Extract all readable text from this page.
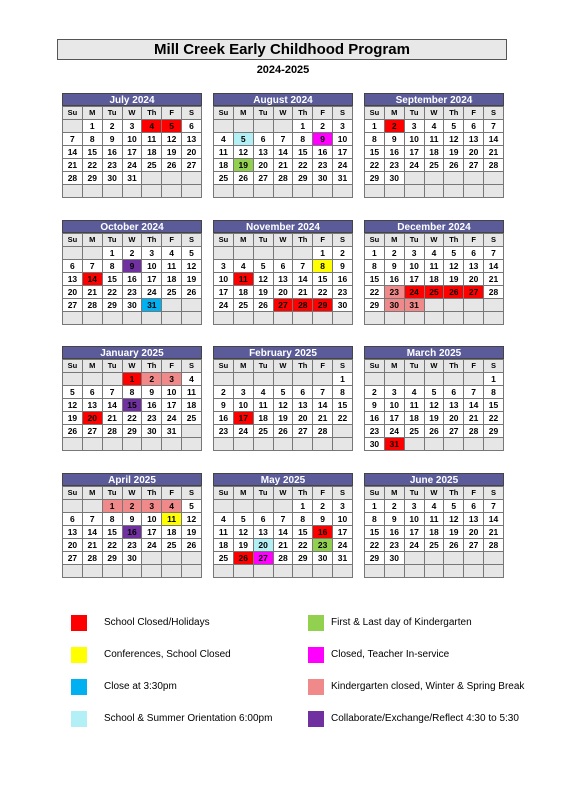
Mill Creek Early Childhood Program
2024-2025
July 2024
Su	M	Tu	W	Th	F	S
	1	2	3	4	5	6
7	8	9	10	11	12	13
14	15	16	17	18	19	20
21	22	23	24	25	26	27
28	29	30	31			

August 2024
Su	M	Tu	W	Th	F	S
				1	2	3
4	5	6	7	8	9	10
11	12	13	14	15	16	17
18	19	20	21	22	23	24
25	26	27	28	29	30	31

September 2024
Su	M	Tu	W	Th	F	S
1	2	3	4	5	6	7
8	9	10	11	12	13	14
15	16	17	18	19	20	21
22	23	24	25	26	27	28
29	30					

October 2024
Su	M	Tu	W	Th	F	S
		1	2	3	4	5
6	7	8	9	10	11	12
13	14	15	16	17	18	19
20	21	22	23	24	25	26
27	28	29	30	31		

November 2024
Su	M	Tu	W	Th	F	S
					1	2
3	4	5	6	7	8	9
10	11	12	13	14	15	16
17	18	19	20	21	22	23
24	25	26	27	28	29	30

December 2024
Su	M	Tu	W	Th	F	S
1	2	3	4	5	6	7
8	9	10	11	12	13	14
15	16	17	18	19	20	21
22	23	24	25	26	27	28
29	30	31				

January 2025
Su	M	Tu	W	Th	F	S
			1	2	3	4
5	6	7	8	9	10	11
12	13	14	15	16	17	18
19	20	21	22	23	24	25
26	27	28	29	30	31	

February 2025
Su	M	Tu	W	Th	F	S
						1
2	3	4	5	6	7	8
9	10	11	12	13	14	15
16	17	18	19	20	21	22
23	24	25	26	27	28	

March 2025
Su	M	Tu	W	Th	F	S
						1
2	3	4	5	6	7	8
9	10	11	12	13	14	15
16	17	18	19	20	21	22
23	24	25	26	27	28	29
30	31					
April 2025
Su	M	Tu	W	Th	F	S
		1	2	3	4	5
6	7	8	9	10	11	12
13	14	15	16	17	18	19
20	21	22	23	24	25	26
27	28	29	30			

May 2025
Su	M	Tu	W	Th	F	S
				1	2	3
4	5	6	7	8	9	10
11	12	13	14	15	16	17
18	19	20	21	22	23	24
25	26	27	28	29	30	31

June 2025
Su	M	Tu	W	Th	F	S
1	2	3	4	5	6	7
8	9	10	11	12	13	14
15	16	17	18	19	20	21
22	23	24	25	26	27	28
29	30					

School Closed/Holidays
Conferences, School Closed
Close at 3:30pm
School & Summer Orientation 6:00pm
First & Last day of Kindergarten
Closed, Teacher In-service
Kindergarten closed, Winter & Spring Break
Collaborate/Exchange/Reflect 4:30 to 5:30
